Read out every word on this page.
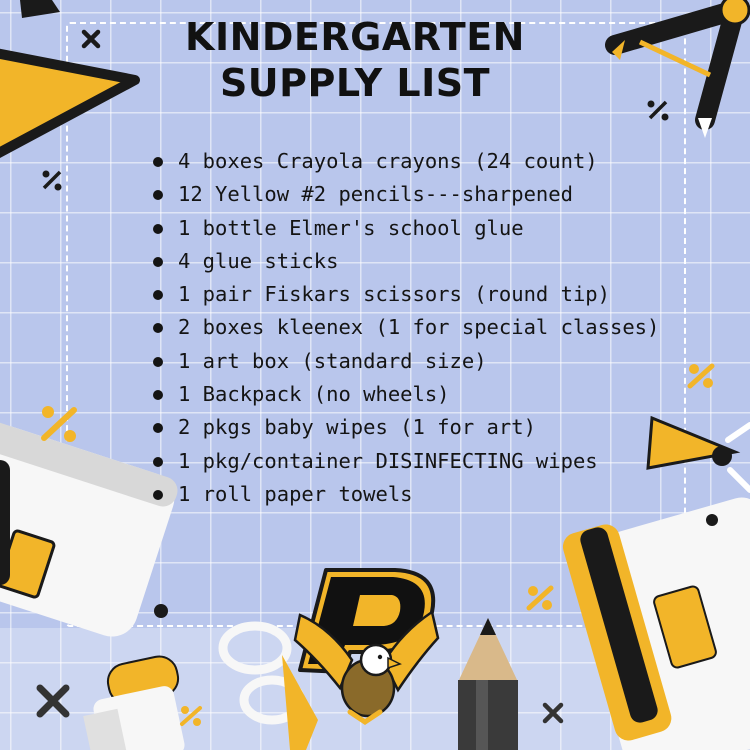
KINDERGARTEN SUPPLY LIST
4 boxes Crayola crayons (24 count)
12 Yellow #2 pencils---sharpened
1 bottle Elmer's school glue
4 glue sticks
1 pair Fiskars scissors (round tip)
2 boxes kleenex (1 for special classes)
1 art box (standard size)
1 Backpack (no wheels)
2 pkgs baby wipes (1 for art)
1 pkg/container DISINFECTING wipes
1 roll paper towels
